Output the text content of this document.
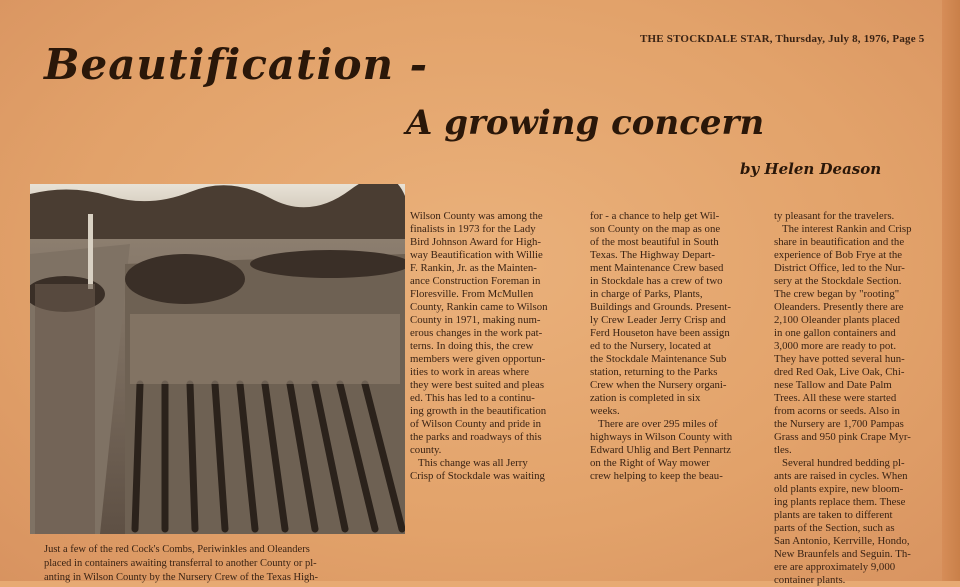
THE STOCKDALE STAR, Thursday, July 8, 1976, Page 5
Beautification -
A growing concern
by Helen Deason
Just a few of the red Cock's Combs, Periwinkles and Oleanders
placed in containers awaiting transferral to another County or pl-
anting in Wilson County by the Nursery Crew of the Texas High-
Wilson County was among the
finalists in 1973 for the Lady
Bird Johnson Award for High-
way Beautification with Willie
F. Rankin, Jr. as the Mainten-
ance Construction Foreman in
Floresville. From McMullen
County, Rankin came to Wilson
County in 1971, making num-
erous changes in the work pat-
terns. In doing this, the crew
members were given opportun-
ities to work in areas where
they were best suited and pleas
ed. This has led to a continu-
ing growth in the beautification
of Wilson County and pride in
the parks and roadways of this
county.
This change was all Jerry
Crisp of Stockdale was waiting
for - a chance to help get Wil-
son County on the map as one
of the most beautiful in South
Texas. The Highway Depart-
ment Maintenance Crew based
in Stockdale has a crew of two
in charge of Parks, Plants,
Buildings and Grounds. Present-
ly Crew Leader Jerry Crisp and
Ferd Houseton have been assign
ed to the Nursery, located at
the Stockdale Maintenance Sub
station, returning to the Parks
Crew when the Nursery organi-
zation is completed in six
weeks.
There are over 295 miles of
highways in Wilson County with
Edward Uhlig and Bert Pennartz
on the Right of Way mower
crew helping to keep the beau-
ty pleasant for the travelers.
The interest Rankin and Crisp
share in beautification and the
experience of Bob Frye at the
District Office, led to the Nur-
sery at the Stockdale Section.
The crew began by "rooting"
Oleanders. Presently there are
2,100 Oleander plants placed
in one gallon containers and
3,000 more are ready to pot.
They have potted several hun-
dred Red Oak, Live Oak, Chi-
nese Tallow and Date Palm
Trees. All these were started
from acorns or seeds. Also in
the Nursery are 1,700 Pampas
Grass and 950 pink Crape Myr-
tles.
Several hundred bedding pl-
ants are raised in cycles. When
old plants expire, new bloom-
ing plants replace them. These
plants are taken to different
parts of the Section, such as
San Antonio, Kerrville, Hondo,
New Braunfels and Seguin. Th-
ere are approximately 9,000
container plants.
